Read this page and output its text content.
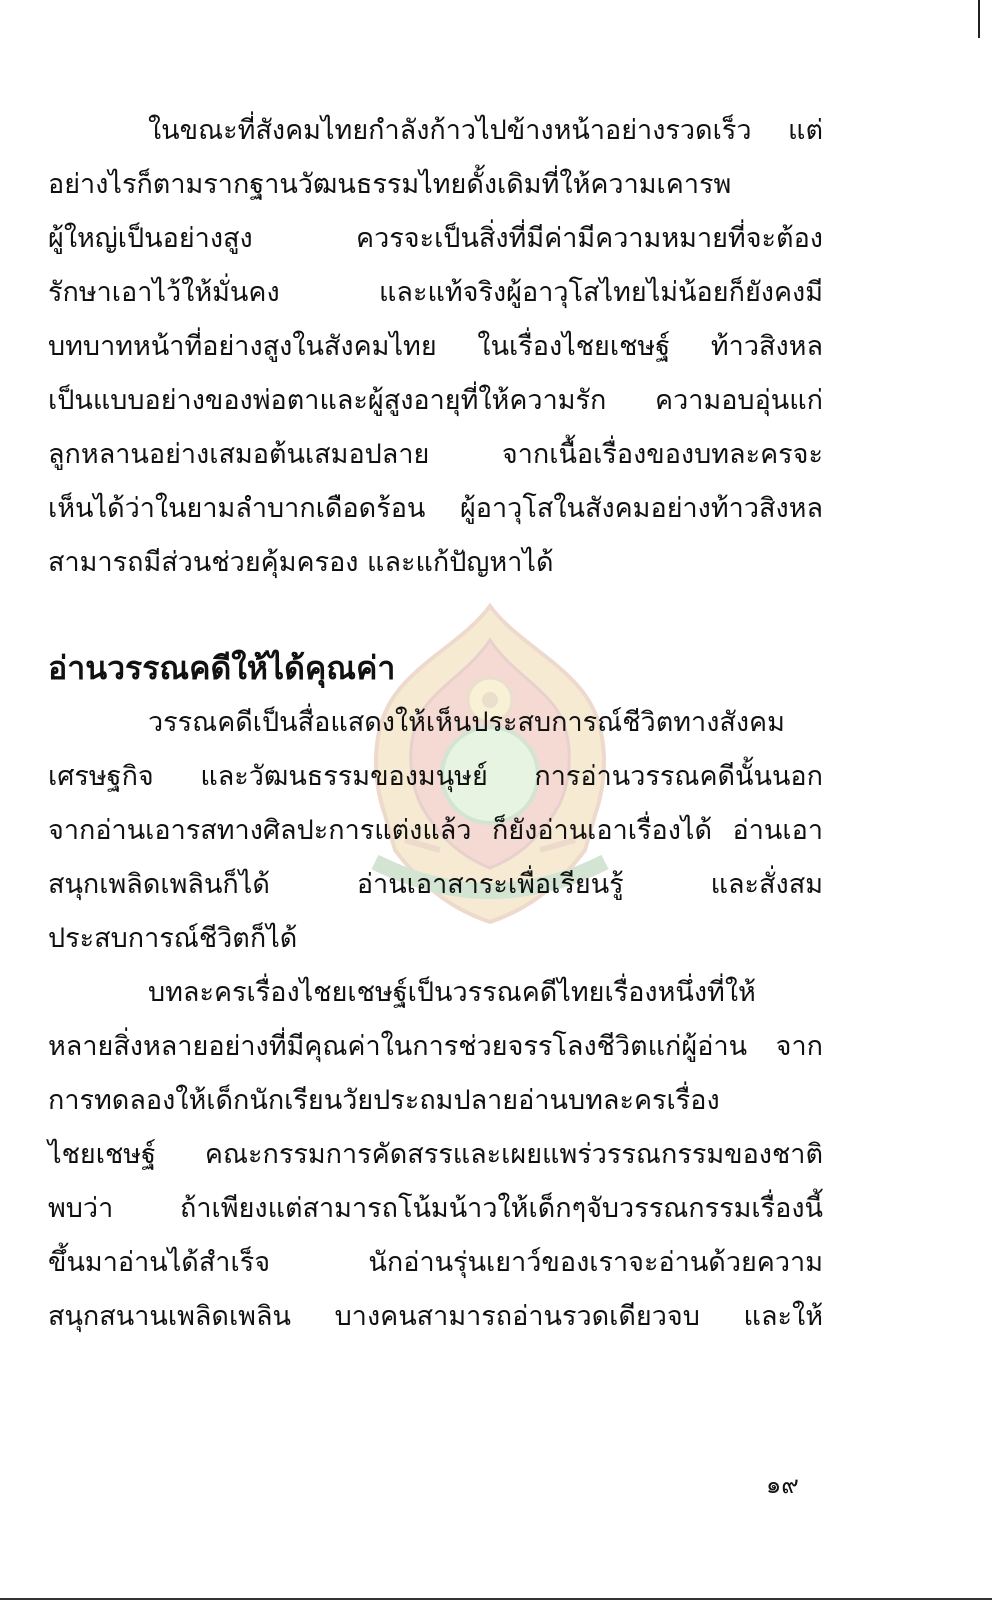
ในขณะที่สังคมไทยกำลังก้าวไปข้างหน้าอย่างรวดเร็ว แต่
อย่างไรก็ตามรากฐานวัฒนธรรมไทยดั้งเดิมที่ให้ความเคารพ
ผู้ใหญ่เป็นอย่างสูง ควรจะเป็นสิ่งที่มีค่ามีความหมายที่จะต้อง
รักษาเอาไว้ให้มั่นคง และแท้จริงผู้อาวุโสไทยไม่น้อยก็ยังคงมี
บทบาทหน้าที่อย่างสูงในสังคมไทย ในเรื่องไชยเชษฐ์ ท้าวสิงหล
เป็นแบบอย่างของพ่อตาและผู้สูงอายุที่ให้ความรัก ความอบอุ่นแก่
ลูกหลานอย่างเสมอต้นเสมอปลาย จากเนื้อเรื่องของบทละครจะ
เห็นได้ว่าในยามลำบากเดือดร้อน ผู้อาวุโสในสังคมอย่างท้าวสิงหล
สามารถมีส่วนช่วยคุ้มครอง และแก้ปัญหาได้
อ่านวรรณคดีให้ได้คุณค่า
วรรณคดีเป็นสื่อแสดงให้เห็นประสบการณ์ชีวิตทางสังคม
เศรษฐกิจ และวัฒนธรรมของมนุษย์ การอ่านวรรณคดีนั้นนอก
จากอ่านเอารสทางศิลปะการแต่งแล้ว ก็ยังอ่านเอาเรื่องได้ อ่านเอา
สนุกเพลิดเพลินก็ได้ อ่านเอาสาระเพื่อเรียนรู้ และสั่งสม
ประสบการณ์ชีวิตก็ได้
บทละครเรื่องไชยเชษฐ์เป็นวรรณคดีไทยเรื่องหนึ่งที่ให้
หลายสิ่งหลายอย่างที่มีคุณค่าในการช่วยจรรโลงชีวิตแก่ผู้อ่าน จาก
การทดลองให้เด็กนักเรียนวัยประถมปลายอ่านบทละครเรื่อง
ไชยเชษฐ์ คณะกรรมการคัดสรรและเผยแพร่วรรณกรรมของชาติ
พบว่า ถ้าเพียงแต่สามารถโน้มน้าวให้เด็กๆจับวรรณกรรมเรื่องนี้
ขึ้นมาอ่านได้สำเร็จ นักอ่านรุ่นเยาว์ของเราจะอ่านด้วยความ
สนุกสนานเพลิดเพลิน บางคนสามารถอ่านรวดเดียวจบ และให้
๑๙
